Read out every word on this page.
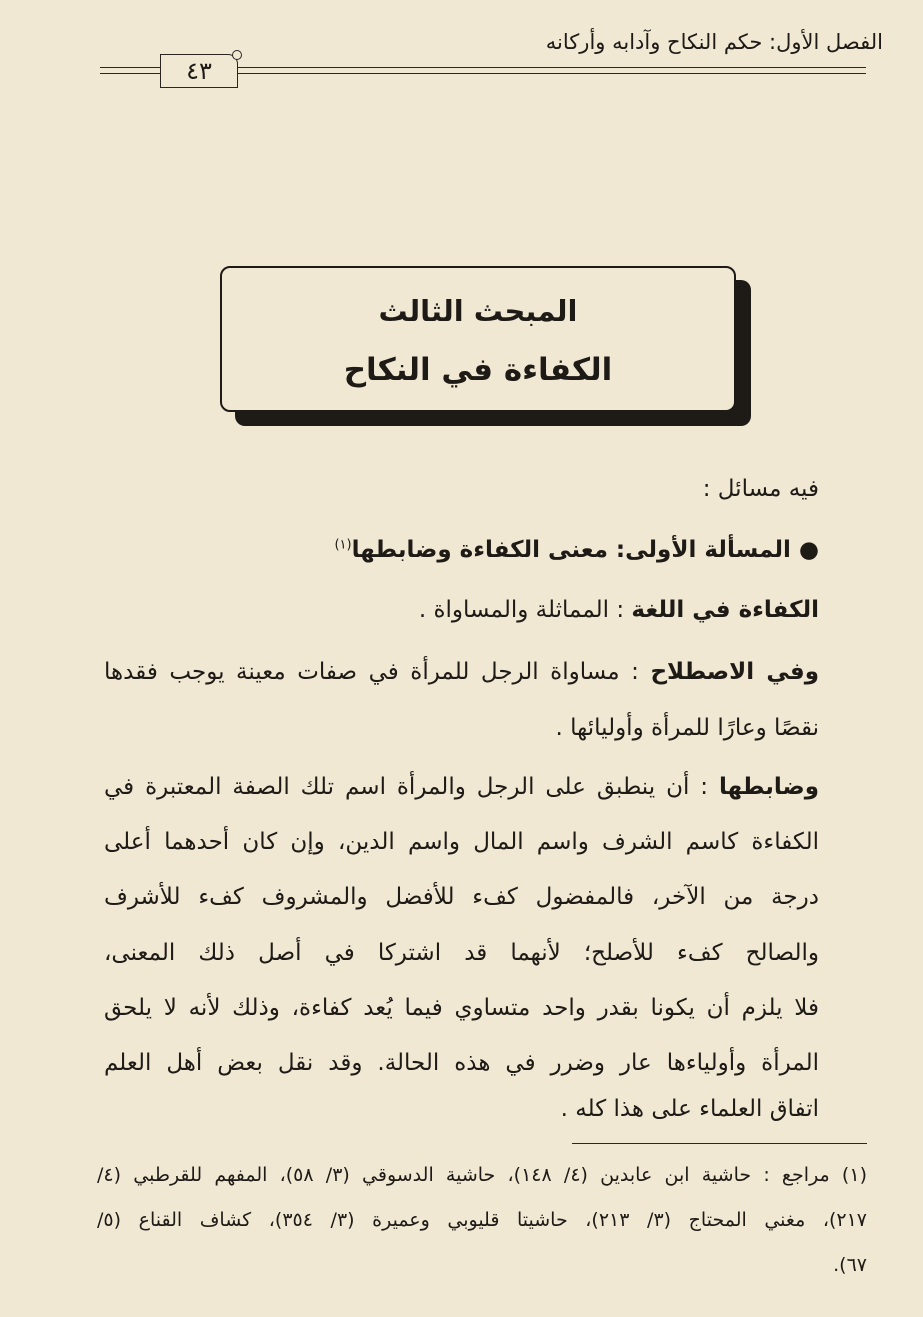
الفصل الأول: حكم النكاح وآدابه وأركانه
٤٣
المبحث الثالث
الكفاءة في النكاح
فيه مسائل :
●المسألة الأولى: معنى الكفاءة وضابطها$^{(١)}$
الكفاءة في اللغة : المماثلة والمساواة .
وفي الاصطلاح : مساواة الرجل للمرأة في صفات معينة يوجب فقدها
نقصًا وعارًا للمرأة وأوليائها .
وضابطها : أن ينطبق على الرجل والمرأة اسم تلك الصفة المعتبرة في
الكفاءة كاسم الشرف واسم المال واسم الدين، وإن كان أحدهما أعلى
درجة من الآخر، فالمفضول كفء للأفضل والمشروف كفء للأشرف
والصالح كفء للأصلح؛ لأنهما قد اشتركا في أصل ذلك المعنى،
فلا يلزم أن يكونا بقدر واحد متساوي فيما يُعد كفاءة، وذلك لأنه لا يلحق
المرأة وأولياءها عار وضرر في هذه الحالة. وقد نقل بعض أهل العلم
اتفاق العلماء على هذا كله .
(١) مراجع : حاشية ابن عابدين (٤/ ١٤٨)، حاشية الدسوقي (٣/ ٥٨)، المفهم للقرطبي (٤/
٢١٧)، مغني المحتاج (٣/ ٢١٣)، حاشيتا قليوبي وعميرة (٣/ ٣٥٤)، كشاف القناع (٥/
٦٧).
